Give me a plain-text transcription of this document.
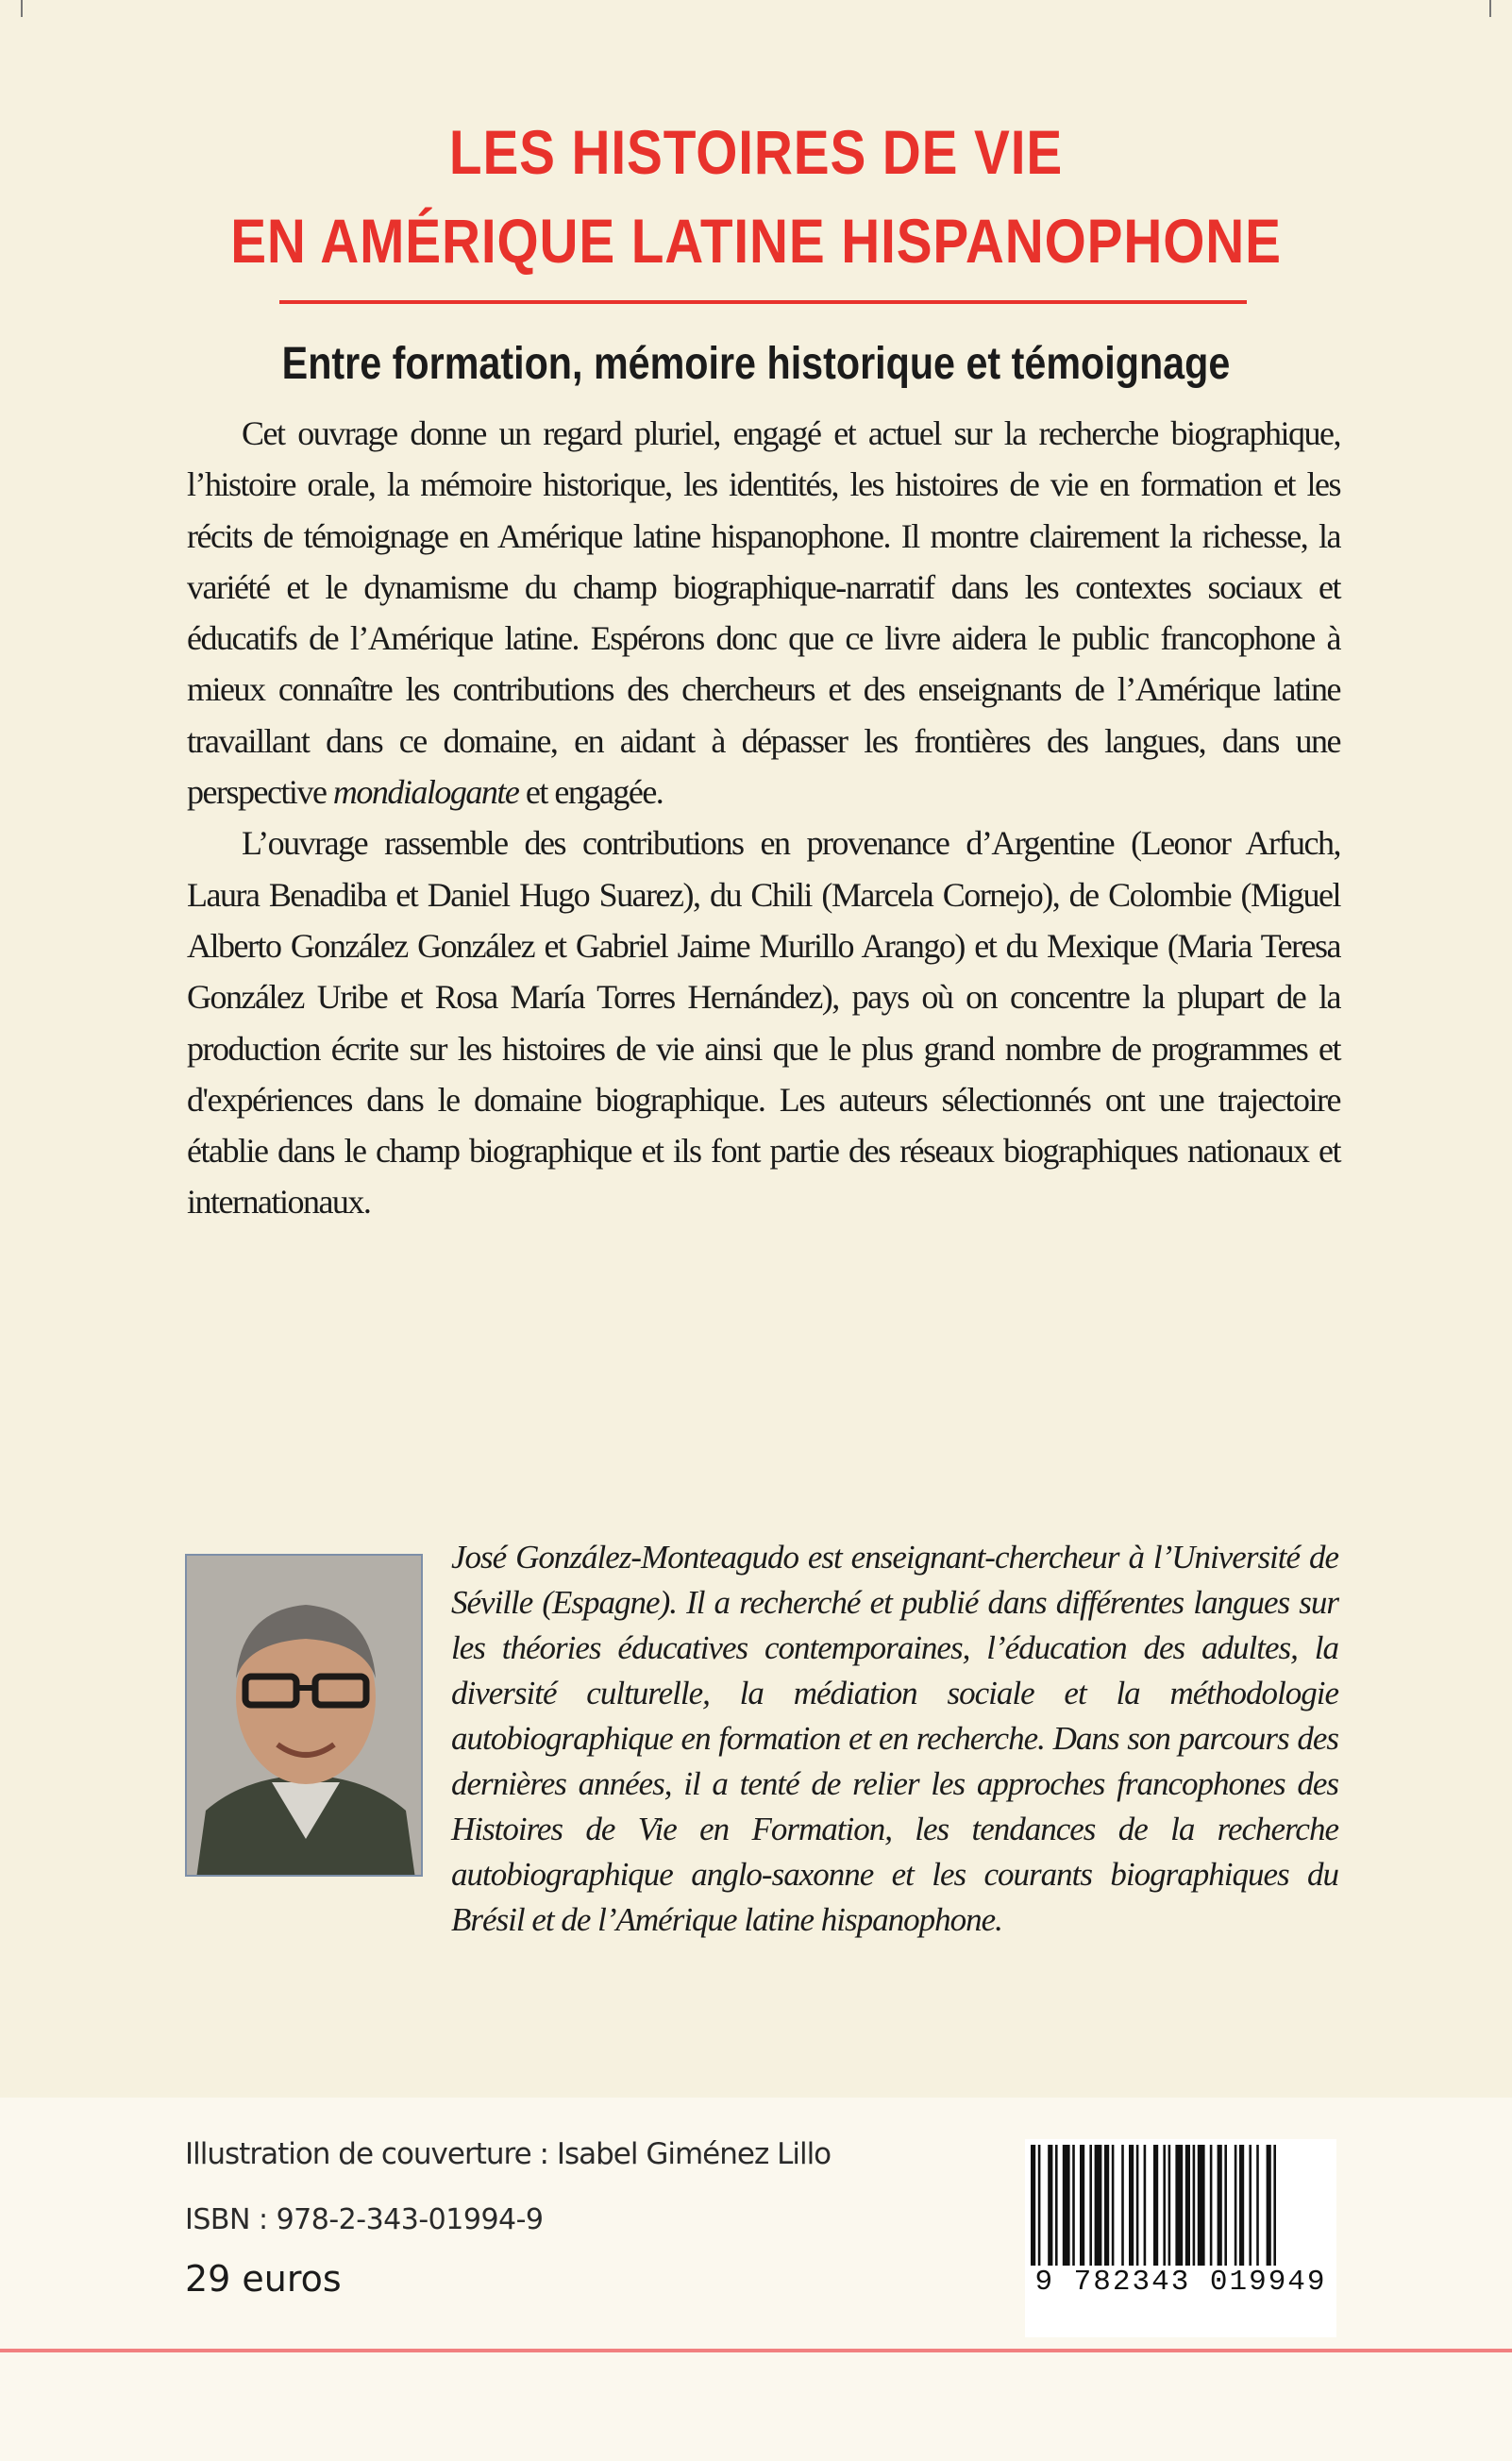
LES HISTOIRES DE VIE
EN AMÉRIQUE LATINE HISPANOPHONE
Entre formation, mémoire historique et témoignage

Cet ouvrage donne un regard pluriel, engagé et actuel sur la recherche biographique, l’histoire orale, la mémoire historique, les identités, les histoires de vie en formation et les récits de témoignage en Amérique latine hispanophone. Il montre clairement la richesse, la variété et le dynamisme du champ biographique-narratif dans les contextes sociaux et éducatifs de l’Amérique latine. Espérons donc que ce livre aidera le public francophone à mieux connaître les contributions des chercheurs et des enseignants de l’Amérique latine travaillant dans ce domaine, en aidant à dépasser les frontières des langues, dans une perspective mondialogante et engagée.

L’ouvrage rassemble des contributions en provenance d’Argentine (Leonor Arfuch, Laura Benadiba et Daniel Hugo Suarez), du Chili (Marcela Cornejo), de Colombie (Miguel Alberto González González et Gabriel Jaime Murillo Arango) et du Mexique (Maria Teresa González Uribe et Rosa María Torres Hernández), pays où on concentre la plupart de la production écrite sur les histoires de vie ainsi que le plus grand nombre de programmes et d'expériences dans le domaine biographique. Les auteurs sélectionnés ont une trajectoire établie dans le champ biographique et ils font partie des réseaux biographiques nationaux et internationaux.

José González-Monteagudo est enseignant-chercheur à l’Université de Séville (Espagne). Il a recherché et publié dans différentes langues sur les théories éducatives contemporaines, l’éducation des adultes, la diversité culturelle, la médiation sociale et la méthodologie autobiographique en formation et en recherche. Dans son parcours des dernières années, il a tenté de relier les approches francophones des Histoires de Vie en Formation, les tendances de la recherche autobiographique anglo-saxonne et les courants biographiques du Brésil et de l’Amérique latine hispanophone.
Illustration de couverture : Isabel Giménez Lillo
ISBN : 978-2-343-01994-9
29 euros	9 782343 019949
